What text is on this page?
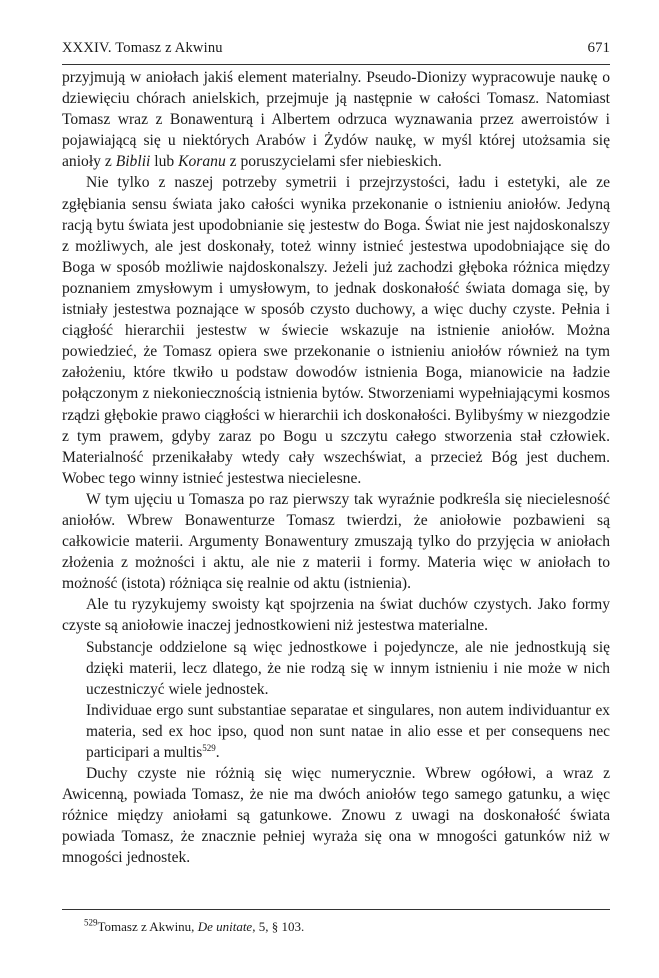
XXXIV. Tomasz z Akwinu	671

przyjmują w aniołach jakiś element materialny. Pseudo-Dionizy wypracowuje naukę o dziewięciu chórach anielskich, przejmuje ją następnie w całości Tomasz. Natomiast Tomasz wraz z Bonawenturą i Albertem odrzuca wyznawania przez awerroistów i pojawiającą się u niektórych Arabów i Żydów naukę, w myśl której utożsamia się anioły z Biblii lub Koranu z poruszycielami sfer niebieskich.

Nie tylko z naszej potrzeby symetrii i przejrzystości, ładu i estetyki, ale ze zgłębiania sensu świata jako całości wynika przekonanie o istnieniu aniołów. Jedyną racją bytu świata jest upodobnianie się jestestw do Boga. Świat nie jest najdoskonalszy z możliwych, ale jest doskonały, toteż winny istnieć jestestwa upodobniające się do Boga w sposób możliwie najdoskonalszy. Jeżeli już zachodzi głęboka różnica między poznaniem zmysłowym i umysłowym, to jednak doskonałość świata domaga się, by istniały jestestwa poznające w sposób czysto duchowy, a więc duchy czyste. Pełnia i ciągłość hierarchii jestestw w świecie wskazuje na istnienie aniołów. Można powiedzieć, że Tomasz opiera swe przekonanie o istnieniu aniołów również na tym założeniu, które tkwiło u podstaw dowodów istnienia Boga, mianowicie na ładzie połączonym z niekoniecznością istnienia bytów. Stworzeniami wypełniającymi kosmos rządzi głębokie prawo ciągłości w hierarchii ich doskonałości. Bylibyśmy w niezgodzie z tym prawem, gdyby zaraz po Bogu u szczytu całego stworzenia stał człowiek. Materialność przenikałaby wtedy cały wszechświat, a przecież Bóg jest duchem. Wobec tego winny istnieć jestestwa niecielesne.

W tym ujęciu u Tomasza po raz pierwszy tak wyraźnie podkreśla się niecielesność aniołów. Wbrew Bonawenturze Tomasz twierdzi, że aniołowie pozbawieni są całkowicie materii. Argumenty Bonawentury zmuszają tylko do przyjęcia w aniołach złożenia z możności i aktu, ale nie z materii i formy. Materia więc w aniołach to możność (istota) różniąca się realnie od aktu (istnienia).

Ale tu ryzykujemy swoisty kąt spojrzenia na świat duchów czystych. Jako formy czyste są aniołowie inaczej jednostkowieni niż jestestwa materialne.

Substancje oddzielone są więc jednostkowe i pojedyncze, ale nie jednostkują się dzięki materii, lecz dlatego, że nie rodzą się w innym istnieniu i nie może w nich uczestniczyć wiele jednostek.

Individuae ergo sunt substantiae separatae et singulares, non autem individuantur ex materia, sed ex hoc ipso, quod non sunt natae in alio esse et per consequens nec participari a multis$^{529}$.

Duchy czyste nie różnią się więc numerycznie. Wbrew ogółowi, a wraz z Awicenną, powiada Tomasz, że nie ma dwóch aniołów tego samego gatunku, a więc różnice między aniołami są gatunkowe. Znowu z uwagi na doskonałość świata powiada Tomasz, że znacznie pełniej wyraża się ona w mnogości gatunków niż w mnogości jednostek.

$^{529}$Tomasz z Akwinu, De unitate, 5, § 103.
